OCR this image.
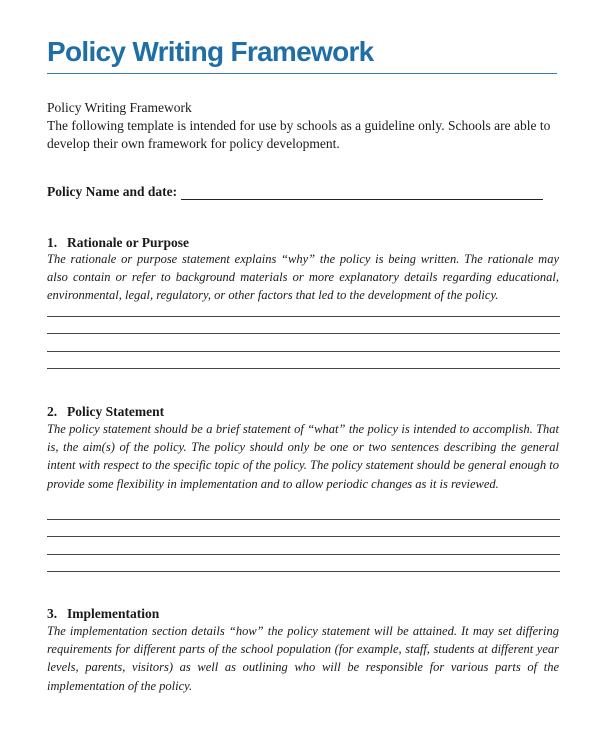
Policy Writing Framework
Policy Writing Framework
The following template is intended for use by schools as a guideline only. Schools are able to develop their own framework for policy development.
Policy Name and date:
1. Rationale or Purpose
The rationale or purpose statement explains “why” the policy is being written. The rationale may also contain or refer to background materials or more explanatory details regarding educational, environmental, legal, regulatory, or other factors that led to the development of the policy.
2. Policy Statement
The policy statement should be a brief statement of “what” the policy is intended to accomplish. That is, the aim(s) of the policy. The policy should only be one or two sentences describing the general intent with respect to the specific topic of the policy. The policy statement should be general enough to provide some flexibility in implementation and to allow periodic changes as it is reviewed.
3. Implementation
The implementation section details “how” the policy statement will be attained. It may set differing requirements for different parts of the school population (for example, staff, students at different year levels, parents, visitors) as well as outlining who will be responsible for various parts of the implementation of the policy.
